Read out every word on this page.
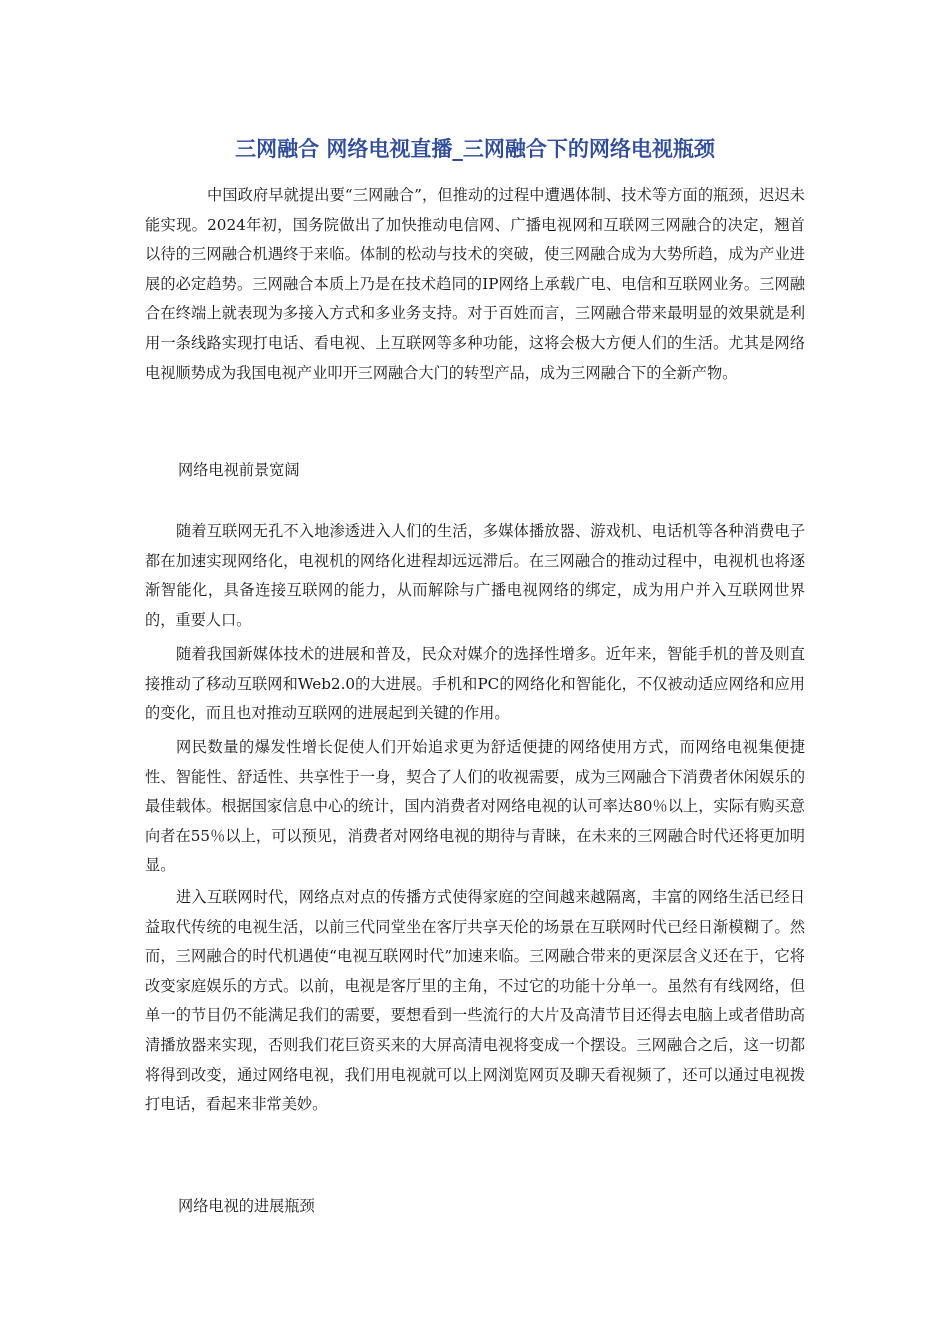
三网融合 网络电视直播_三网融合下的网络电视瓶颈

中国政府早就提出要“三网融合”，但推动的过程中遭遇体制、技术等方面的瓶颈，迟迟未能实现。2024年初，国务院做出了加快推动电信网、广播电视网和互联网三网融合的决定，翘首以待的三网融合机遇终于来临。体制的松动与技术的突破，使三网融合成为大势所趋，成为产业进展的必定趋势。三网融合本质上乃是在技术趋同的IP网络上承载广电、电信和互联网业务。三网融合在终端上就表现为多接入方式和多业务支持。对于百姓而言，三网融合带来最明显的效果就是利用一条线路实现打电话、看电视、上互联网等多种功能，这将会极大方便人们的生活。尤其是网络电视顺势成为我国电视产业叩开三网融合大门的转型产品，成为三网融合下的全新产物。

网络电视前景宽阔

随着互联网无孔不入地渗透进入人们的生活，多媒体播放器、游戏机、电话机等各种消费电子都在加速实现网络化，电视机的网络化进程却远远滞后。在三网融合的推动过程中，电视机也将逐渐智能化，具备连接互联网的能力，从而解除与广播电视网络的绑定，成为用户并入互联网世界的，重要人口。

随着我国新媒体技术的进展和普及，民众对媒介的选择性增多。近年来，智能手机的普及则直接推动了移动互联网和Web2.0的大进展。手机和PC的网络化和智能化，不仅被动适应网络和应用的变化，而且也对推动互联网的进展起到关键的作用。

网民数量的爆发性增长促使人们开始追求更为舒适便捷的网络使用方式，而网络电视集便捷性、智能性、舒适性、共享性于一身，契合了人们的收视需要，成为三网融合下消费者休闲娱乐的最佳载体。根据国家信息中心的统计，国内消费者对网络电视的认可率达80％以上，实际有购买意向者在55％以上，可以预见，消费者对网络电视的期待与青睐，在未来的三网融合时代还将更加明显。

进入互联网时代，网络点对点的传播方式使得家庭的空间越来越隔离，丰富的网络生活已经日益取代传统的电视生活，以前三代同堂坐在客厅共享天伦的场景在互联网时代已经日渐模糊了。然而，三网融合的时代机遇使“电视互联网时代”加速来临。三网融合带来的更深层含义还在于，它将改变家庭娱乐的方式。以前，电视是客厅里的主角，不过它的功能十分单一。虽然有有线网络，但单一的节目仍不能满足我们的需要，要想看到一些流行的大片及高清节目还得去电脑上或者借助高清播放器来实现，否则我们花巨资买来的大屏高清电视将变成一个摆设。三网融合之后，这一切都将得到改变，通过网络电视，我们用电视就可以上网浏览网页及聊天看视频了，还可以通过电视拨打电话，看起来非常美妙。

网络电视的进展瓶颈
